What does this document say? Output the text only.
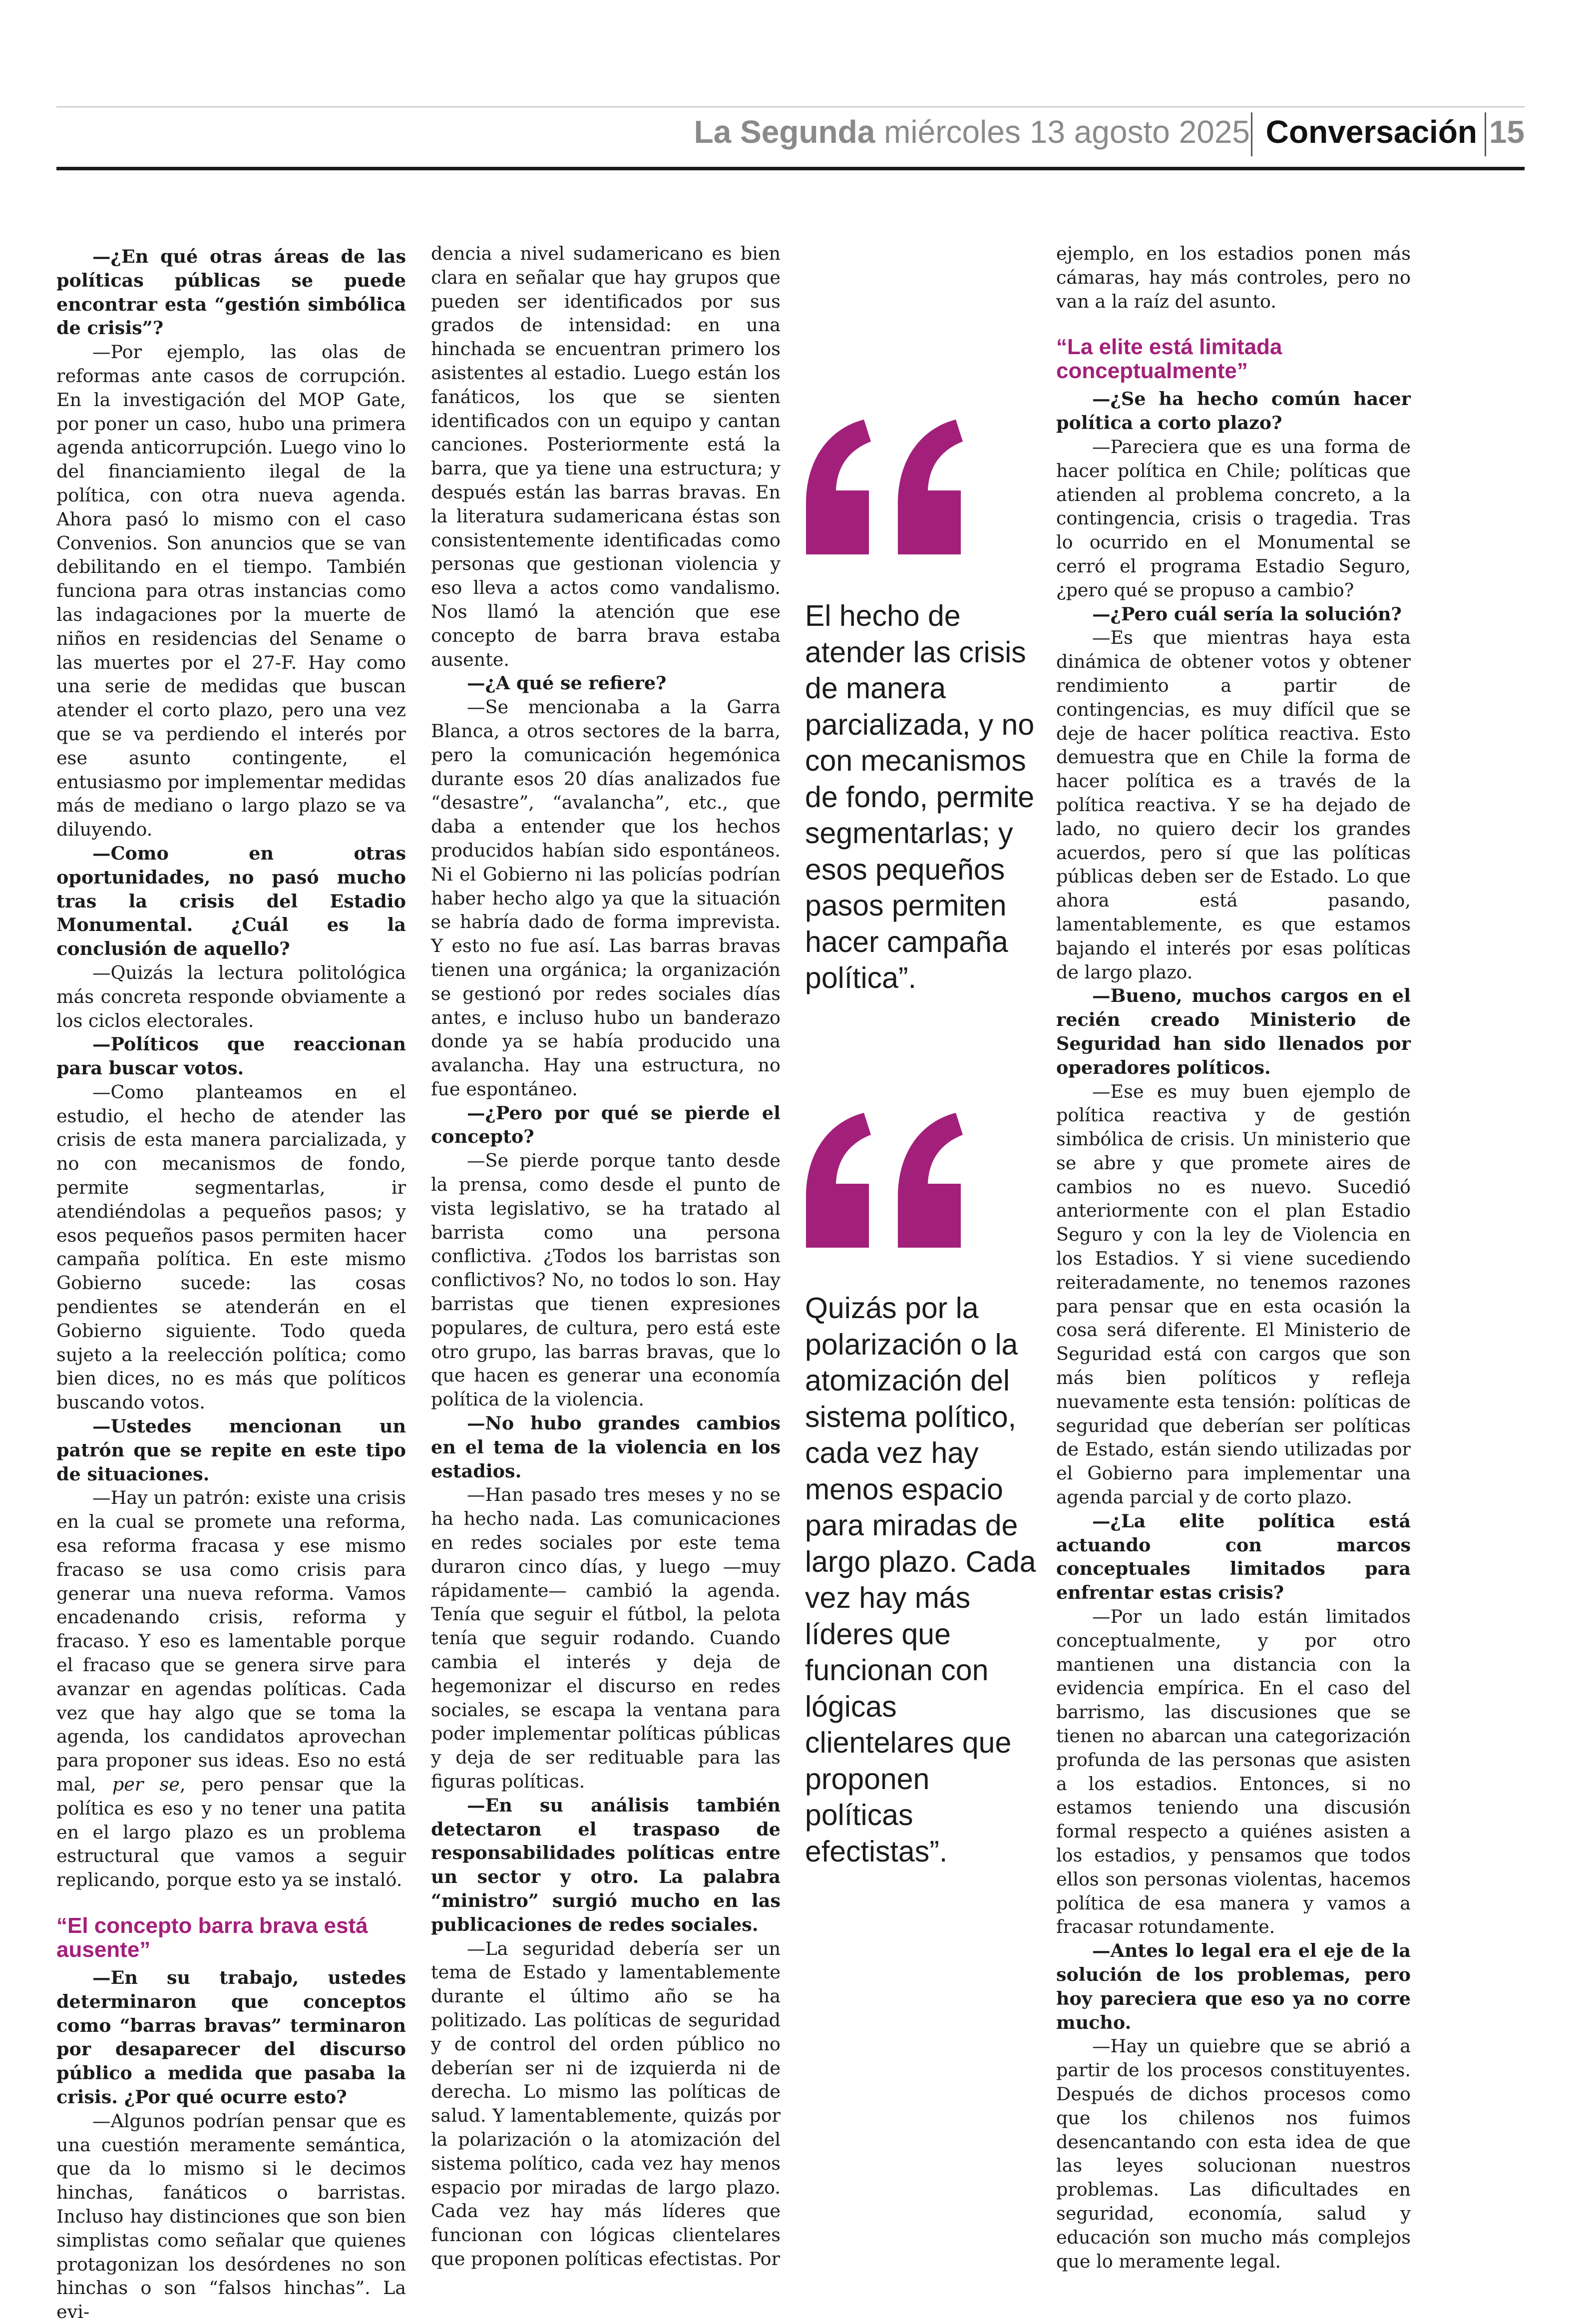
La Segunda miércoles 13 agosto 2025 Conversación 15

—¿En qué otras áreas de las políticas públicas se puede encontrar esta “gestión simbólica de crisis”?

—Por ejemplo, las olas de reformas ante casos de corrupción. En la investigación del MOP Gate, por poner un caso, hubo una primera agenda anticorrupción. Luego vino lo del financiamiento ilegal de la política, con otra nueva agenda. Ahora pasó lo mismo con el caso Convenios. Son anuncios que se van debilitando en el tiempo. También funciona para otras instancias como las indagaciones por la muerte de niños en residencias del Sename o las muertes por el 27-F. Hay como una serie de medidas que buscan atender el corto plazo, pero una vez que se va perdiendo el interés por ese asunto contingente, el entusiasmo por implementar medidas más de mediano o largo plazo se va diluyendo.

—Como en otras oportunidades, no pasó mucho tras la crisis del Estadio Monumental. ¿Cuál es la conclusión de aquello?

—Quizás la lectura politológica más concreta responde obviamente a los ciclos electorales.

—Políticos que reaccionan para buscar votos.

—Como planteamos en el estudio, el hecho de atender las crisis de esta manera parcializada, y no con mecanismos de fondo, permite segmentarlas, ir atendiéndolas a pequeños pasos; y esos pequeños pasos permiten hacer campaña política. En este mismo Gobierno sucede: las cosas pendientes se atenderán en el Gobierno siguiente. Todo queda sujeto a la reelección política; como bien dices, no es más que políticos buscando votos.

—Ustedes mencionan un patrón que se repite en este tipo de situaciones.

—Hay un patrón: existe una crisis en la cual se promete una reforma, esa reforma fracasa y ese mismo fracaso se usa como crisis para generar una nueva reforma. Vamos encadenando crisis, reforma y fracaso. Y eso es lamentable porque el fracaso que se genera sirve para avanzar en agendas políticas. Cada vez que hay algo que se toma la agenda, los candidatos aprovechan para proponer sus ideas. Eso no está mal, per se, pero pensar que la política es eso y no tener una patita en el largo plazo es un problema estructural que vamos a seguir replicando, porque esto ya se instaló.

“El concepto barra brava está ausente”

—En su trabajo, ustedes determinaron que conceptos como “barras bravas” terminaron por desaparecer del discurso público a medida que pasaba la crisis. ¿Por qué ocurre esto?

—Algunos podrían pensar que es una cuestión meramente semántica, que da lo mismo si le decimos hinchas, fanáticos o barristas. Incluso hay distinciones que son bien simplistas como señalar que quienes protagonizan los desórdenes no son hinchas o son “falsos hinchas”. La evi-

dencia a nivel sudamericano es bien clara en señalar que hay grupos que pueden ser identificados por sus grados de intensidad: en una hinchada se encuentran primero los asistentes al estadio. Luego están los fanáticos, los que se sienten identificados con un equipo y cantan canciones. Posteriormente está la barra, que ya tiene una estructura; y después están las barras bravas. En la literatura sudamericana éstas son consistentemente identificadas como personas que gestionan violencia y eso lleva a actos como vandalismo. Nos llamó la atención que ese concepto de barra brava estaba ausente.

—¿A qué se refiere?

—Se mencionaba a la Garra Blanca, a otros sectores de la barra, pero la comunicación hegemónica durante esos 20 días analizados fue “desastre”, “avalancha”, etc., que daba a entender que los hechos producidos habían sido espontáneos. Ni el Gobierno ni las policías podrían haber hecho algo ya que la situación se habría dado de forma imprevista. Y esto no fue así. Las barras bravas tienen una orgánica; la organización se gestionó por redes sociales días antes, e incluso hubo un banderazo donde ya se había producido una avalancha. Hay una estructura, no fue espontáneo.

—¿Pero por qué se pierde el concepto?

—Se pierde porque tanto desde la prensa, como desde el punto de vista legislativo, se ha tratado al barrista como una persona conflictiva. ¿Todos los barristas son conflictivos? No, no todos lo son. Hay barristas que tienen expresiones populares, de cultura, pero está este otro grupo, las barras bravas, que lo que hacen es generar una economía política de la violencia.

—No hubo grandes cambios en el tema de la violencia en los estadios.

—Han pasado tres meses y no se ha hecho nada. Las comunicaciones en redes sociales por este tema duraron cinco días, y luego —muy rápidamente— cambió la agenda. Tenía que seguir el fútbol, la pelota tenía que seguir rodando. Cuando cambia el interés y deja de hegemonizar el discurso en redes sociales, se escapa la ventana para poder implementar políticas públicas y deja de ser redituable para las figuras políticas.

—En su análisis también detectaron el traspaso de responsabilidades políticas entre un sector y otro. La palabra “ministro” surgió mucho en las publicaciones de redes sociales.

—La seguridad debería ser un tema de Estado y lamentablemente durante el último año se ha politizado. Las políticas de seguridad y de control del orden público no deberían ser ni de izquierda ni de derecha. Lo mismo las políticas de salud. Y lamentablemente, quizás por la polarización o la atomización del sistema político, cada vez hay menos espacio por miradas de largo plazo. Cada vez hay más líderes que funcionan con lógicas clientelares que proponen políticas efectistas. Por

El hecho de atender las crisis de manera parcializada, y no con mecanismos de fondo, permite segmentarlas; y esos pequeños pasos permiten hacer campaña política”.
Quizás por la polarización o la atomización del sistema político, cada vez hay menos espacio para miradas de largo plazo. Cada vez hay más líderes que funcionan con lógicas clientelares que proponen políticas efectistas”.

ejemplo, en los estadios ponen más cámaras, hay más controles, pero no van a la raíz del asunto.

“La elite está limitada conceptualmente”

—¿Se ha hecho común hacer política a corto plazo?

—Pareciera que es una forma de hacer política en Chile; políticas que atienden al problema concreto, a la contingencia, crisis o tragedia. Tras lo ocurrido en el Monumental se cerró el programa Estadio Seguro, ¿pero qué se propuso a cambio?

—¿Pero cuál sería la solución?

—Es que mientras haya esta dinámica de obtener votos y obtener rendimiento a partir de contingencias, es muy difícil que se deje de hacer política reactiva. Esto demuestra que en Chile la forma de hacer política es a través de la política reactiva. Y se ha dejado de lado, no quiero decir los grandes acuerdos, pero sí que las políticas públicas deben ser de Estado. Lo que ahora está pasando, lamentablemente, es que estamos bajando el interés por esas políticas de largo plazo.

—Bueno, muchos cargos en el recién creado Ministerio de Seguridad han sido llenados por operadores políticos.

—Ese es muy buen ejemplo de política reactiva y de gestión simbólica de crisis. Un ministerio que se abre y que promete aires de cambios no es nuevo. Sucedió anteriormente con el plan Estadio Seguro y con la ley de Violencia en los Estadios. Y si viene sucediendo reiteradamente, no tenemos razones para pensar que en esta ocasión la cosa será diferente. El Ministerio de Seguridad está con cargos que son más bien políticos y refleja nuevamente esta tensión: políticas de seguridad que deberían ser políticas de Estado, están siendo utilizadas por el Gobierno para implementar una agenda parcial y de corto plazo.

—¿La elite política está actuando con marcos conceptuales limitados para enfrentar estas crisis?

—Por un lado están limitados conceptualmente, y por otro mantienen una distancia con la evidencia empírica. En el caso del barrismo, las discusiones que se tienen no abarcan una categorización profunda de las personas que asisten a los estadios. Entonces, si no estamos teniendo una discusión formal respecto a quiénes asisten a los estadios, y pensamos que todos ellos son personas violentas, hacemos política de esa manera y vamos a fracasar rotundamente.

—Antes lo legal era el eje de la solución de los problemas, pero hoy pareciera que eso ya no corre mucho.

—Hay un quiebre que se abrió a partir de los procesos constituyentes. Después de dichos procesos como que los chilenos nos fuimos desencantando con esta idea de que las leyes solucionan nuestros problemas. Las dificultades en seguridad, economía, salud y educación son mucho más complejos que lo meramente legal.
